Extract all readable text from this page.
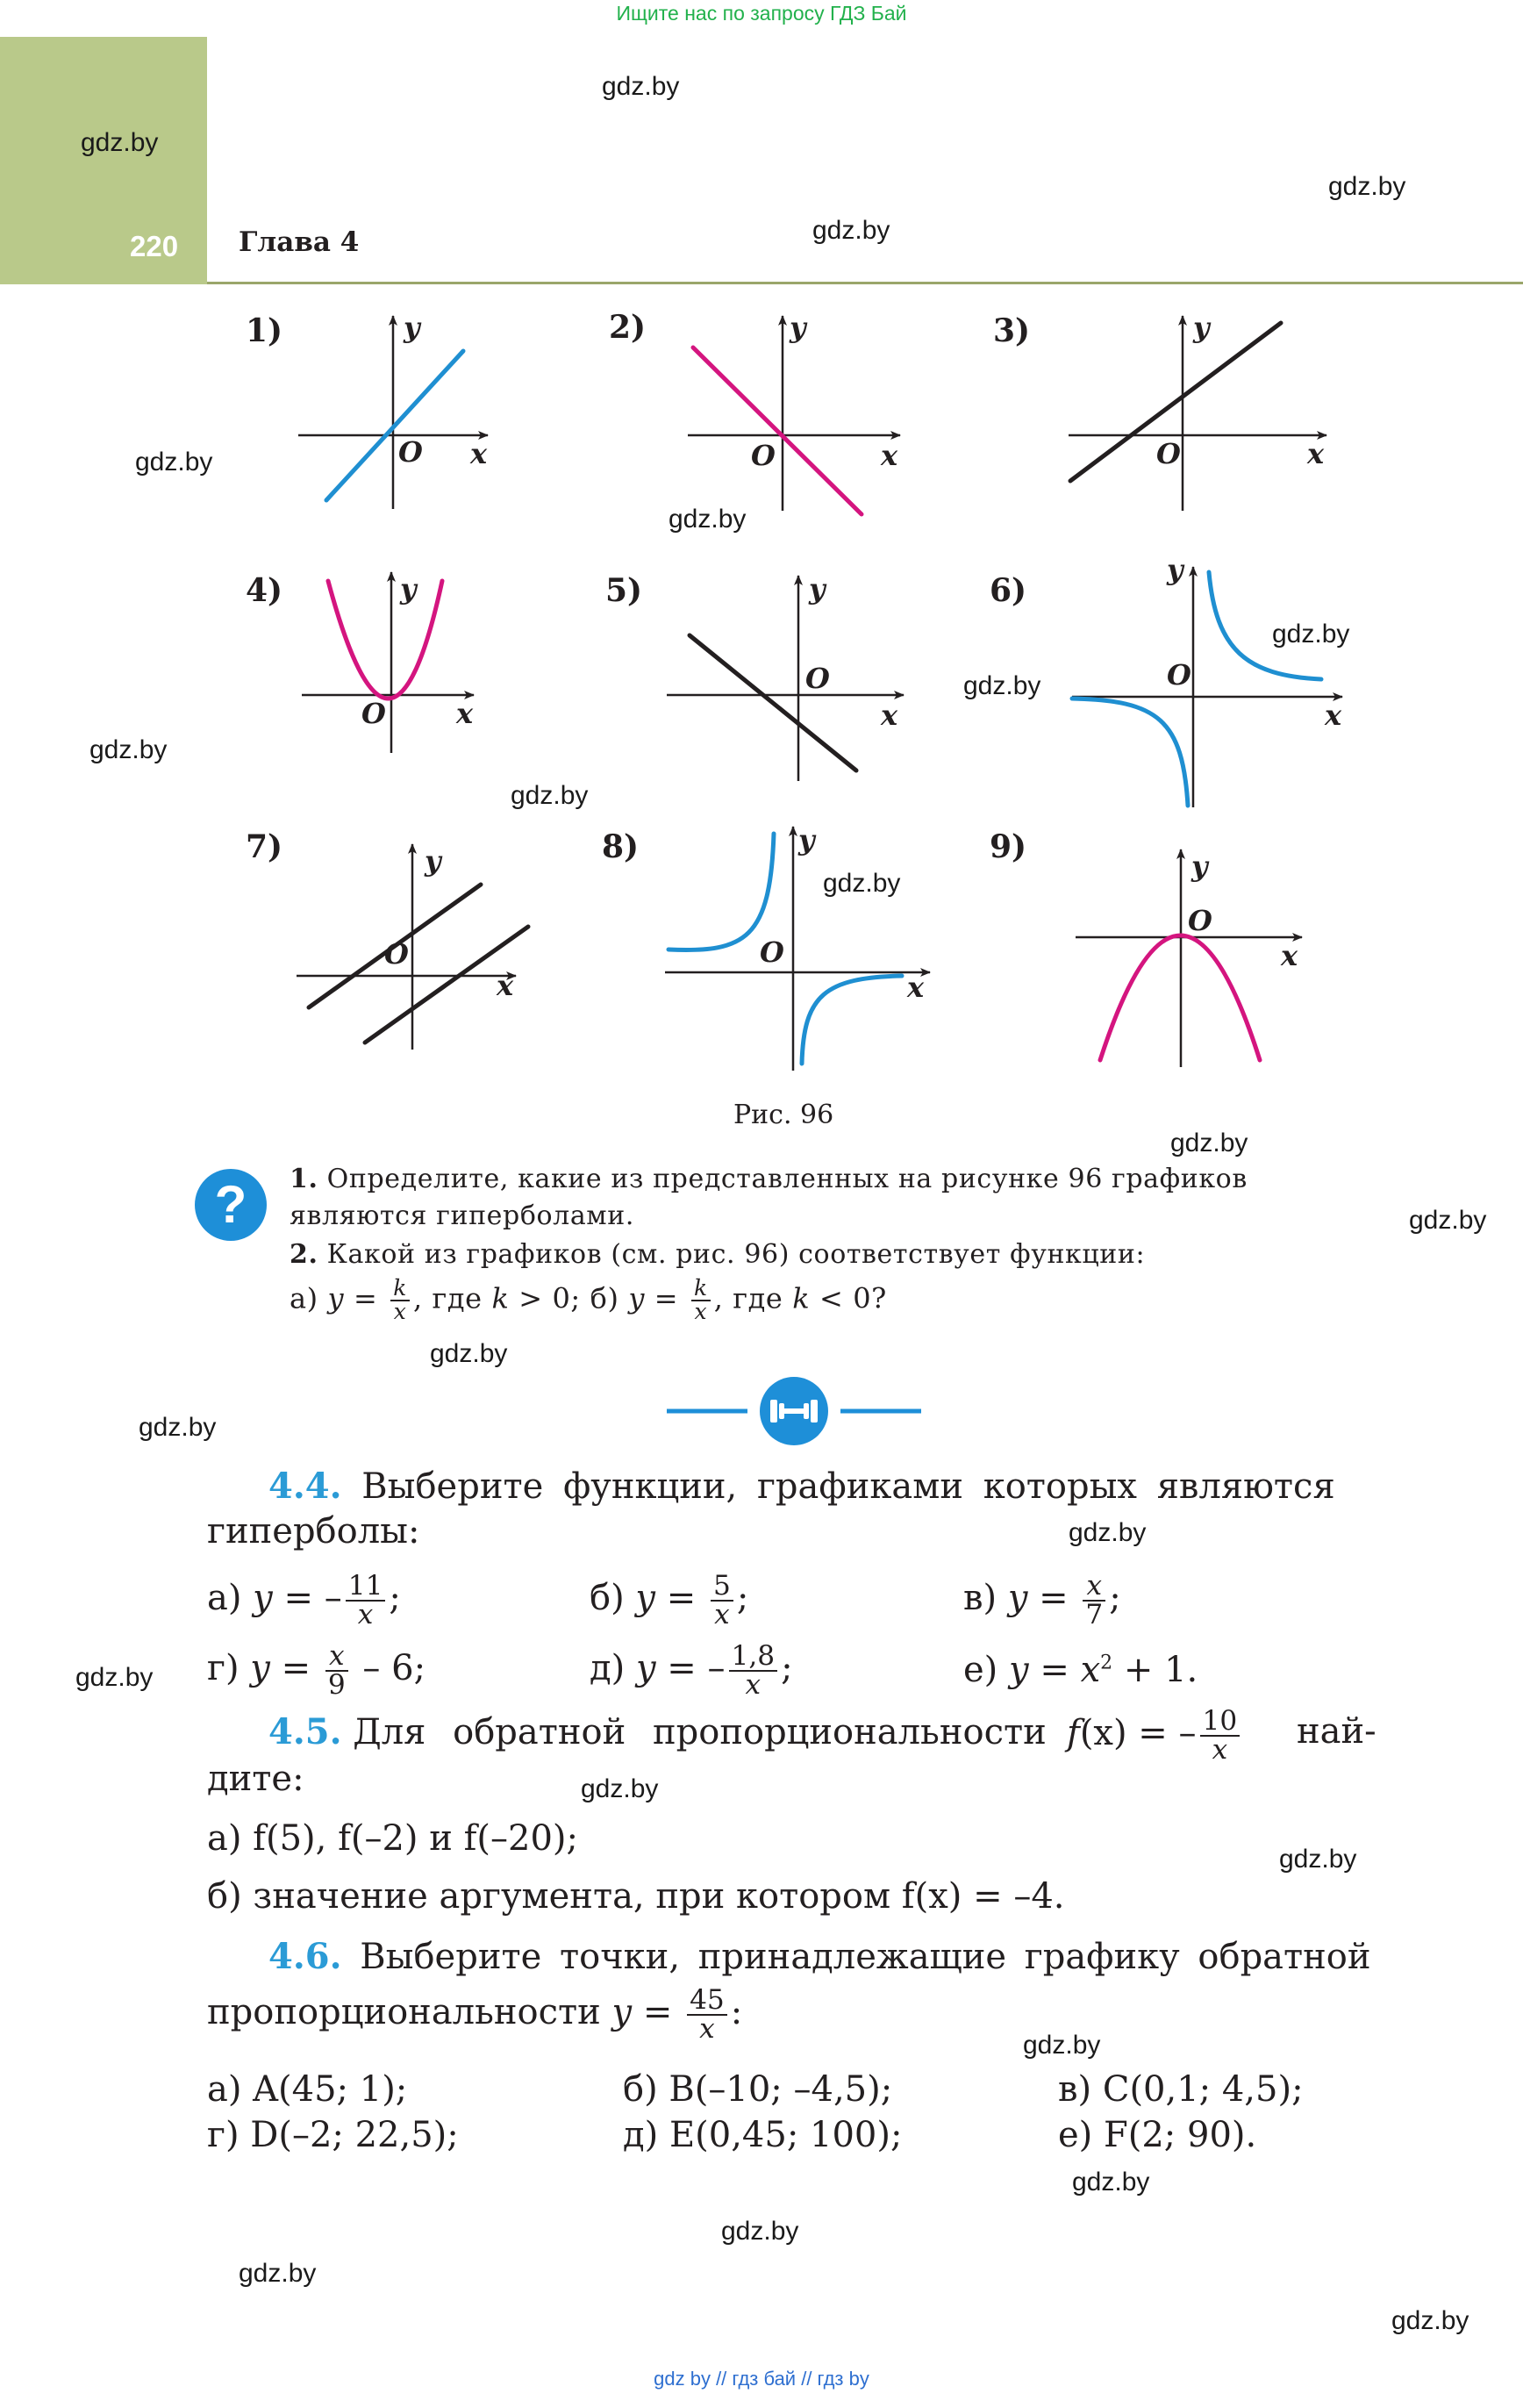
Ищите нас по запросу ГДЗ Бай
220 Глава 4
gdz.by
gdz.by
gdz.by
gdz.by
gdz.by
gdz.by
gdz.by
gdz.by
gdz.by
gdz.by
gdz.by
gdz.by
gdz.by
gdz.by
gdz.by
gdz.by
gdz.by
gdz.by
gdz.by
gdz.by
gdz.by
gdz.by
gdz.by
gdz.by
1)	2)	3)
4)	5)	6)
7)	8)	9)
O x
y
O	x
y
O	x
y
O	x
y
O
x
y
O
x
y
O
x
y
O
x
y
O
x
y
Рис. 96
?	1. Определите, какие из представленных на рисунке 96 графиков
являются гиперболами.
2. Какой из графиков (см. рис. 96) соответствует функции:
а) $y = \frac{k}{x}$ , где k > 0; б) $y = \frac{k}{x}$ , где k < 0?
4.4. Выберите функции, графиками которых являются
гиперболы:
а) y = – $\frac{11}{x}$ ;	б) $y = \frac{5}{x}$ ;	в) $y = \frac{x}{7}$ ;
г) $y = \frac{x}{9} - 6$;	д) y = – $\frac{1,8}{x}$ ;	е) $y = x^2 + 1$.
4.5. Для обратной пропорциональности f(x) = – $\frac{10}{x} най-$
дите:
а) f(5), f(–2) и f(–20);
б) значение аргумента, при котором f(x) = –4.
4.6. Выберите точки, принадлежащие графику обратной
пропорциональности $y = \frac{45}{x}$ :
а) A(45; 1);	б) B(–10; –4,5);	в) C(0,1; 4,5);
г) D(–2; 22,5);	д) E(0,45; 100);	е) F(2; 90).
gdz by // гдз бай // гдз by
